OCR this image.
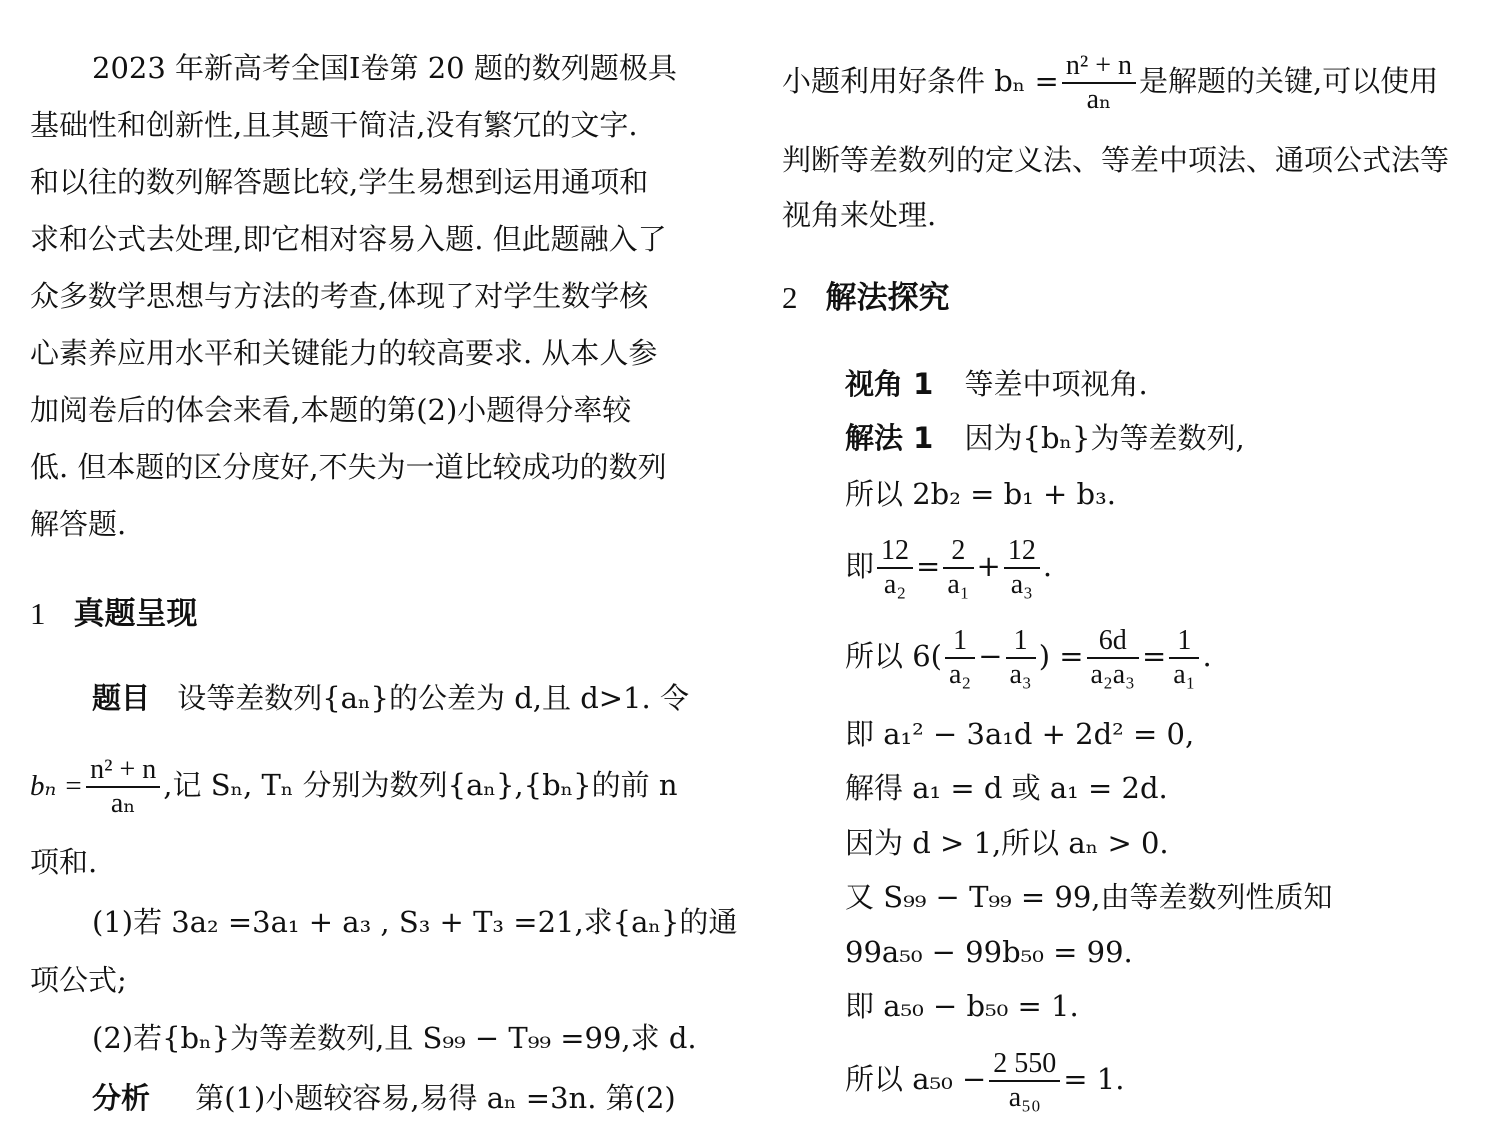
2023 年新高考全国Ⅰ卷第 20 题的数列题极具
基础性和创新性,且其题干简洁,没有繁冗的文字.
和以往的数列解答题比较,学生易想到运用通项和
求和公式去处理,即它相对容易入题. 但此题融入了
众多数学思想与方法的考查,体现了对学生数学核
心素养应用水平和关键能力的较高要求. 从本人参
加阅卷后的体会来看,本题的第(2)小题得分率较
低. 但本题的区分度好,不失为一道比较成功的数列
解答题.
1 真题呈现
题目 设等差数列{aₙ}的公差为 d,且 d>1. 令
$b_n = \frac{\text{n² + n}}{\text{aₙ}}$ ,记 Sₙ, Tₙ 分别为数列{aₙ},{bₙ}的前 n
项和.
(1)若 3a₂ =3a₁ + a₃ , S₃ + T₃ =21,求{aₙ}的通
项公式;
(2)若{bₙ}为等差数列,且 S₉₉ − T₉₉ =99,求 d.
分析 第(1)小题较容易,易得 aₙ =3n. 第(2)
小题利用好条件 $b_n = \frac{\text{n² + n}}{\text{aₙ}}$ 是解题的关键,可以使用
判断等差数列的定义法、等差中项法、通项公式法等
视角来处理.
2 解法探究
视角 1 等差中项视角.
解法 1 因为{bₙ}为等差数列,
所以 2b₂ = b₁ + b₃.
即 $\frac{12}{\text{a₂}} = \frac{2}{\text{a₁}} + \frac{12}{\text{a₃}}$ .
所以 $6( \frac{1}{\text{a₂}} - \frac{1}{\text{a₃}}$ ) = $\frac{6d}{\text{a₂a₃}} = \frac{1}{\text{a₁}}$ .
即 a₁² − 3a₁d + 2d² = 0,
解得 a₁ = d 或 a₁ = 2d.
因为 d > 1,所以 aₙ > 0.
又 S₉₉ − T₉₉ = 99,由等差数列性质知
99a₅₀ − 99b₅₀ = 99.
即 a₅₀ − b₅₀ = 1.
所以 $a_{50} - \frac{2 550}{\text{a₅₀}} = 1$.
